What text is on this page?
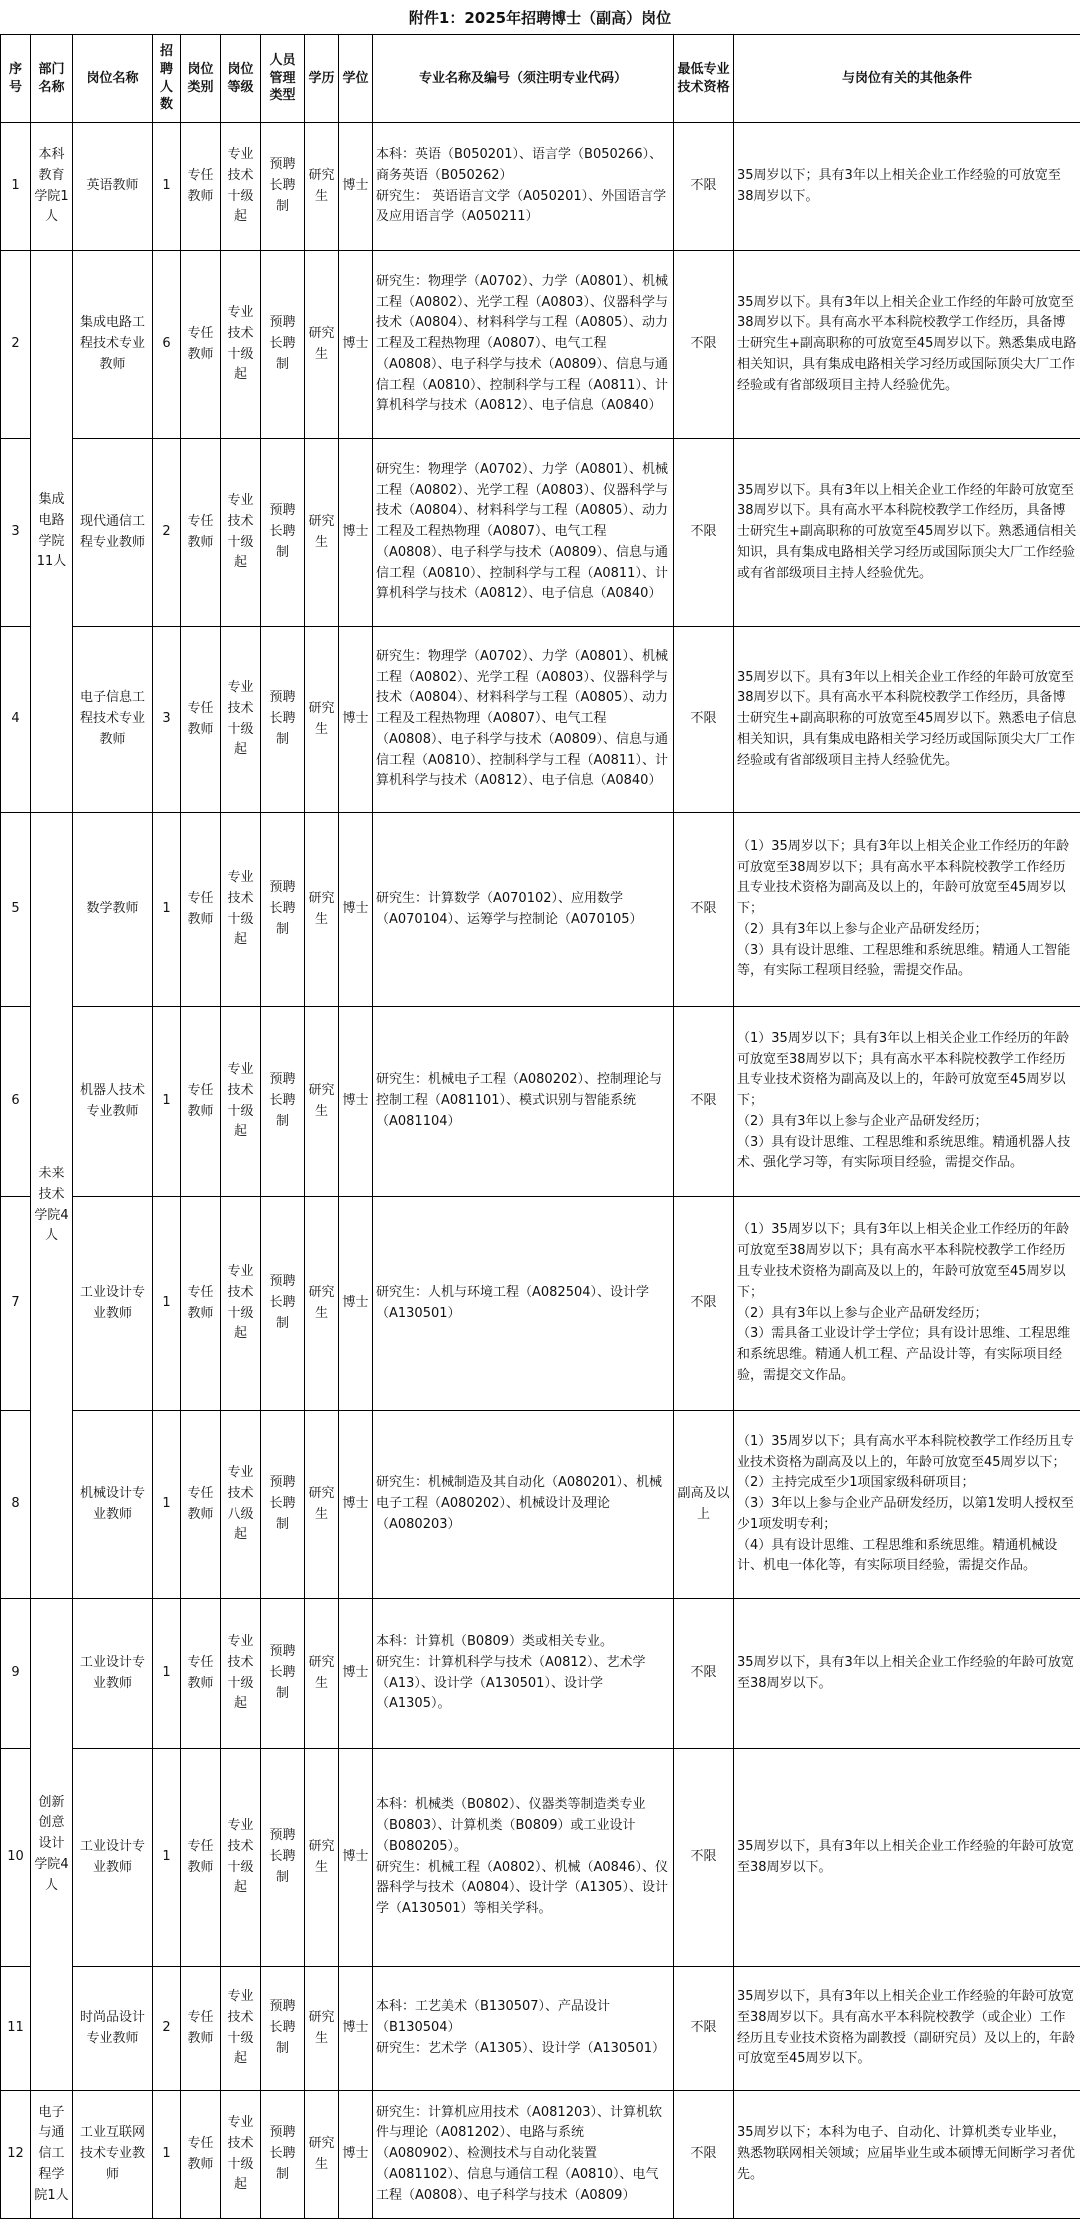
附件1：2025年招聘博士（副高）岗位
序号	部门名称	岗位名称	招聘人数	岗位类别	岗位等级	人员管理类型	学历	学位	专业名称及编号（须注明专业代码）	最低专业技术资格	与岗位有关的其他条件
1	本科教育学院1人	英语教师	1	专任教师	专业技术十级起	预聘长聘制	研究生	博士	本科：英语（B050201）、语言学（B050266）、商务英语（B050262）
研究生： 英语语言文学（A050201）、外国语言学及应用语言学（A050211）	不限	35周岁以下；具有3年以上相关企业工作经验的可放宽至38周岁以下。
2	集成电路学院11人	集成电路工程技术专业教师	6	专任教师	专业技术十级起	预聘长聘制	研究生	博士	研究生：物理学（A0702）、力学（A0801）、机械工程（A0802）、光学工程（A0803）、仪器科学与技术（A0804）、材料科学与工程（A0805）、动力工程及工程热物理（A0807）、电气工程（A0808）、电子科学与技术（A0809）、信息与通信工程（A0810）、控制科学与工程（A0811）、计算机科学与技术（A0812）、电子信息（A0840）	不限	35周岁以下。具有3年以上相关企业工作经的年龄可放宽至38周岁以下。具有高水平本科院校教学工作经历，具备博士研究生+副高职称的可放宽至45周岁以下。熟悉集成电路相关知识，具有集成电路相关学习经历或国际顶尖大厂工作经验或有省部级项目主持人经验优先。
3		现代通信工程专业教师	2	专任教师	专业技术十级起	预聘长聘制	研究生	博士	研究生：物理学（A0702）、力学（A0801）、机械工程（A0802）、光学工程（A0803）、仪器科学与技术（A0804）、材料科学与工程（A0805）、动力工程及工程热物理（A0807）、电气工程（A0808）、电子科学与技术（A0809）、信息与通信工程（A0810）、控制科学与工程（A0811）、计算机科学与技术（A0812）、电子信息（A0840）	不限	35周岁以下。具有3年以上相关企业工作经的年龄可放宽至38周岁以下。具有高水平本科院校教学工作经历，具备博士研究生+副高职称的可放宽至45周岁以下。熟悉通信相关知识，具有集成电路相关学习经历或国际顶尖大厂工作经验或有省部级项目主持人经验优先。
4		电子信息工程技术专业教师	3	专任教师	专业技术十级起	预聘长聘制	研究生	博士	研究生：物理学（A0702）、力学（A0801）、机械工程（A0802）、光学工程（A0803）、仪器科学与技术（A0804）、材料科学与工程（A0805）、动力工程及工程热物理（A0807）、电气工程（A0808）、电子科学与技术（A0809）、信息与通信工程（A0810）、控制科学与工程（A0811）、计算机科学与技术（A0812）、电子信息（A0840）	不限	35周岁以下。具有3年以上相关企业工作经的年龄可放宽至38周岁以下。具有高水平本科院校教学工作经历，具备博士研究生+副高职称的可放宽至45周岁以下。熟悉电子信息相关知识，具有集成电路相关学习经历或国际顶尖大厂工作经验或有省部级项目主持人经验优先。
5	未来技术学院4人	数学教师	1	专任教师	专业技术十级起	预聘长聘制	研究生	博士	研究生：计算数学（A070102）、应用数学（A070104）、运筹学与控制论（A070105）	不限	（1）35周岁以下；具有3年以上相关企业工作经历的年龄可放宽至38周岁以下；具有高水平本科院校教学工作经历且专业技术资格为副高及以上的，年龄可放宽至45周岁以下；
（2）具有3年以上参与企业产品研发经历；
（3）具有设计思维、工程思维和系统思维。精通人工智能等，有实际工程项目经验，需提交作品。
6		机器人技术专业教师	1	专任教师	专业技术十级起	预聘长聘制	研究生	博士	研究生：机械电子工程（A080202）、控制理论与控制工程（A081101）、模式识别与智能系统（A081104）	不限	（1）35周岁以下；具有3年以上相关企业工作经历的年龄可放宽至38周岁以下；具有高水平本科院校教学工作经历且专业技术资格为副高及以上的，年龄可放宽至45周岁以下；
（2）具有3年以上参与企业产品研发经历；
（3）具有设计思维、工程思维和系统思维。精通机器人技术、强化学习等，有实际项目经验，需提交作品。
7		工业设计专业教师	1	专任教师	专业技术十级起	预聘长聘制	研究生	博士	研究生：人机与环境工程（A082504）、设计学（A130501）	不限	（1）35周岁以下；具有3年以上相关企业工作经历的年龄可放宽至38周岁以下；具有高水平本科院校教学工作经历且专业技术资格为副高及以上的，年龄可放宽至45周岁以下；
（2）具有3年以上参与企业产品研发经历；
（3）需具备工业设计学士学位；具有设计思维、工程思维和系统思维。精通人机工程、产品设计等，有实际项目经验，需提交文作品。
8		机械设计专业教师	1	专任教师	专业技术八级起	预聘长聘制	研究生	博士	研究生：机械制造及其自动化（A080201）、机械电子工程（A080202）、机械设计及理论（A080203）	副高及以上	（1）35周岁以下；具有高水平本科院校教学工作经历且专业技术资格为副高及以上的，年龄可放宽至45周岁以下；
（2）主持完成至少1项国家级科研项目；
（3）3年以上参与企业产品研发经历，以第1发明人授权至少1项发明专利；
（4）具有设计思维、工程思维和系统思维。精通机械设计、机电一体化等，有实际项目经验，需提交作品。
9	创新创意设计学院4人	工业设计专业教师	1	专任教师	专业技术十级起	预聘长聘制	研究生	博士	本科：计算机（B0809）类或相关专业。
研究生：计算机科学与技术（A0812）、艺术学（A13）、设计学（A130501）、设计学（A1305）。	不限	35周岁以下，具有3年以上相关企业工作经验的年龄可放宽至38周岁以下。
10		工业设计专业教师	1	专任教师	专业技术十级起	预聘长聘制	研究生	博士	本科：机械类（B0802）、仪器类等制造类专业（B0803）、计算机类（B0809）或工业设计（B080205）。
研究生：机械工程（A0802）、机械（A0846）、仪器科学与技术（A0804）、设计学（A1305）、设计学（A130501）等相关学科。	不限	35周岁以下，具有3年以上相关企业工作经验的年龄可放宽至38周岁以下。
11		时尚品设计专业教师	2	专任教师	专业技术十级起	预聘长聘制	研究生	博士	本科：工艺美术（B130507）、产品设计（B130504）
研究生：艺术学（A1305）、设计学（A130501）	不限	35周岁以下，具有3年以上相关企业工作经验的年龄可放宽至38周岁以下。具有高水平本科院校教学（或企业）工作经历且专业技术资格为副教授（副研究员）及以上的，年龄可放宽至45周岁以下。
12	电子与通信工程学院1人	工业互联网技术专业教师	1	专任教师	专业技术十级起	预聘长聘制	研究生	博士	研究生：计算机应用技术（A081203）、计算机软件与理论（A081202）、电路与系统（A080902）、检测技术与自动化装置（A081102）、信息与通信工程（A0810）、电气工程（A0808）、电子科学与技术（A0809）	不限	35周岁以下；本科为电子、自动化、计算机类专业毕业，熟悉物联网相关领域；应届毕业生或本硕博无间断学习者优先。
